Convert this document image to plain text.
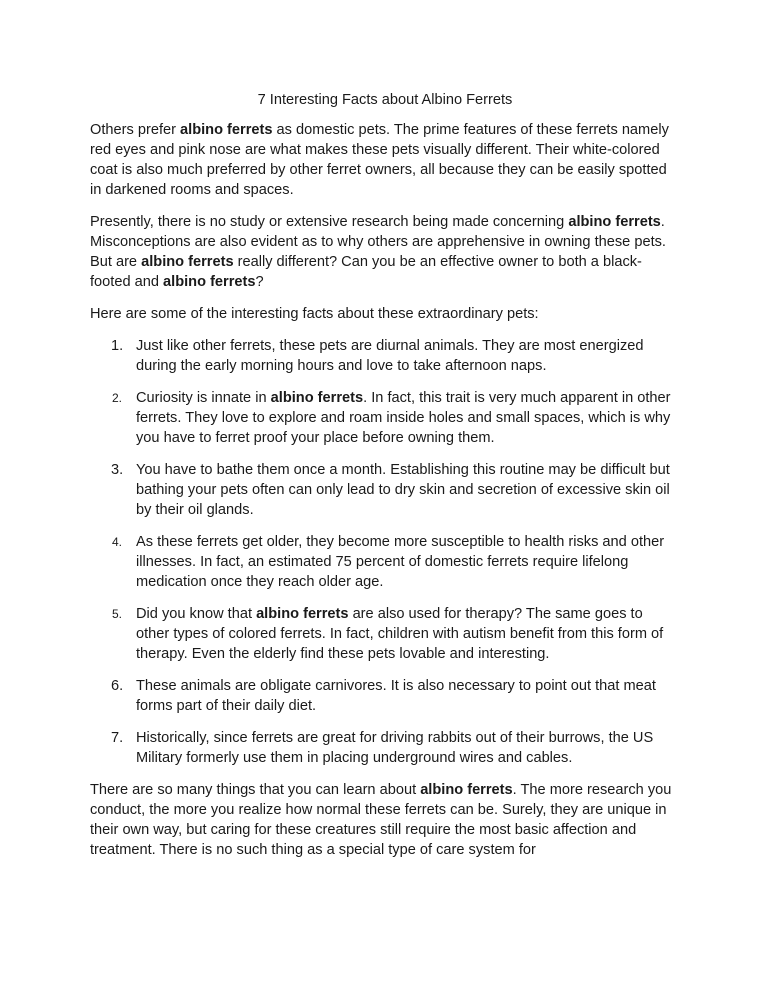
7 Interesting Facts about Albino Ferrets

Others prefer albino ferrets as domestic pets. The prime features of these ferrets namely red eyes and pink nose are what makes these pets visually different. Their white-colored coat is also much preferred by other ferret owners, all because they can be easily spotted in darkened rooms and spaces.

Presently, there is no study or extensive research being made concerning albino ferrets. Misconceptions are also evident as to why others are apprehensive in owning these pets. But are albino ferrets really different? Can you be an effective owner to both a black-footed and albino ferrets?

Here are some of the interesting facts about these extraordinary pets:

1. Just like other ferrets, these pets are diurnal animals. They are most energized during the early morning hours and love to take afternoon naps.
2. Curiosity is innate in albino ferrets. In fact, this trait is very much apparent in other ferrets. They love to explore and roam inside holes and small spaces, which is why you have to ferret proof your place before owning them.
3. You have to bathe them once a month. Establishing this routine may be difficult but bathing your pets often can only lead to dry skin and secretion of excessive skin oil by their oil glands.
4. As these ferrets get older, they become more susceptible to health risks and other illnesses. In fact, an estimated 75 percent of domestic ferrets require lifelong medication once they reach older age.
5. Did you know that albino ferrets are also used for therapy? The same goes to other types of colored ferrets. In fact, children with autism benefit from this form of therapy. Even the elderly find these pets lovable and interesting.
6. These animals are obligate carnivores. It is also necessary to point out that meat forms part of their daily diet.
7. Historically, since ferrets are great for driving rabbits out of their burrows, the US Military formerly use them in placing underground wires and cables.

There are so many things that you can learn about albino ferrets. The more research you conduct, the more you realize how normal these ferrets can be. Surely, they are unique in their own way, but caring for these creatures still require the most basic affection and treatment. There is no such thing as a special type of care system for
